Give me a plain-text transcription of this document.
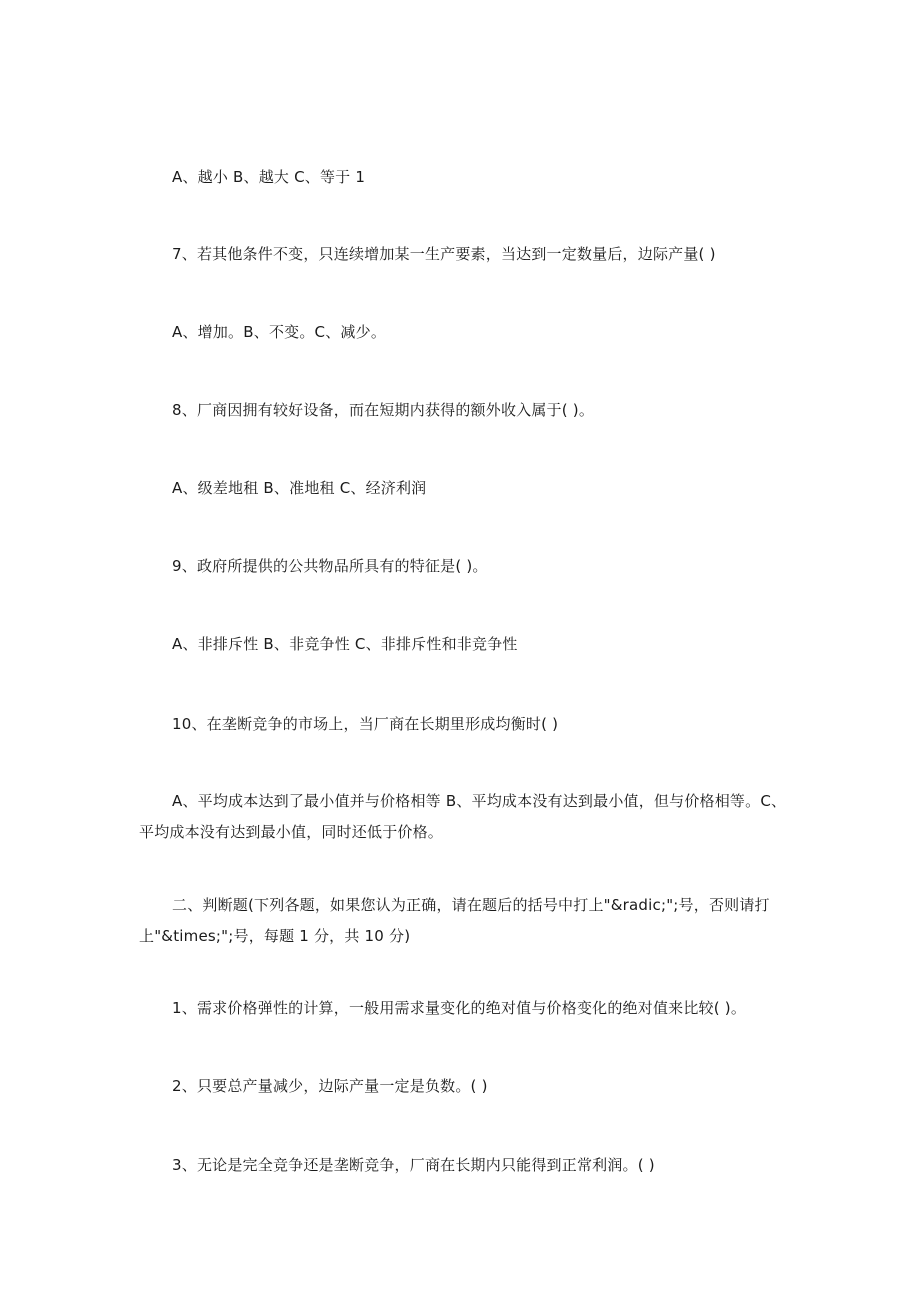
A、越小 B、越大 C、等于 1
7、若其他条件不变，只连续增加某一生产要素，当达到一定数量后，边际产量( )
A、增加。B、不变。C、减少。
8、厂商因拥有较好设备，而在短期内获得的额外收入属于( )。
A、级差地租 B、准地租 C、经济利润
9、政府所提供的公共物品所具有的特征是( )。
A、非排斥性 B、非竞争性 C、非排斥性和非竞争性
10、在垄断竞争的市场上，当厂商在长期里形成均衡时( )
A、平均成本达到了最小值并与价格相等 B、平均成本没有达到最小值，但与价格相等。C、平均成本没有达到最小值，同时还低于价格。
二、判断题(下列各题，如果您认为正确，请在题后的括号中打上"&radic;";号，否则请打上"&times;";号，每题 1 分，共 10 分)
1、需求价格弹性的计算，一般用需求量变化的绝对值与价格变化的绝对值来比较( )。
2、只要总产量减少，边际产量一定是负数。( )
3、无论是完全竞争还是垄断竞争，厂商在长期内只能得到正常利润。( )
